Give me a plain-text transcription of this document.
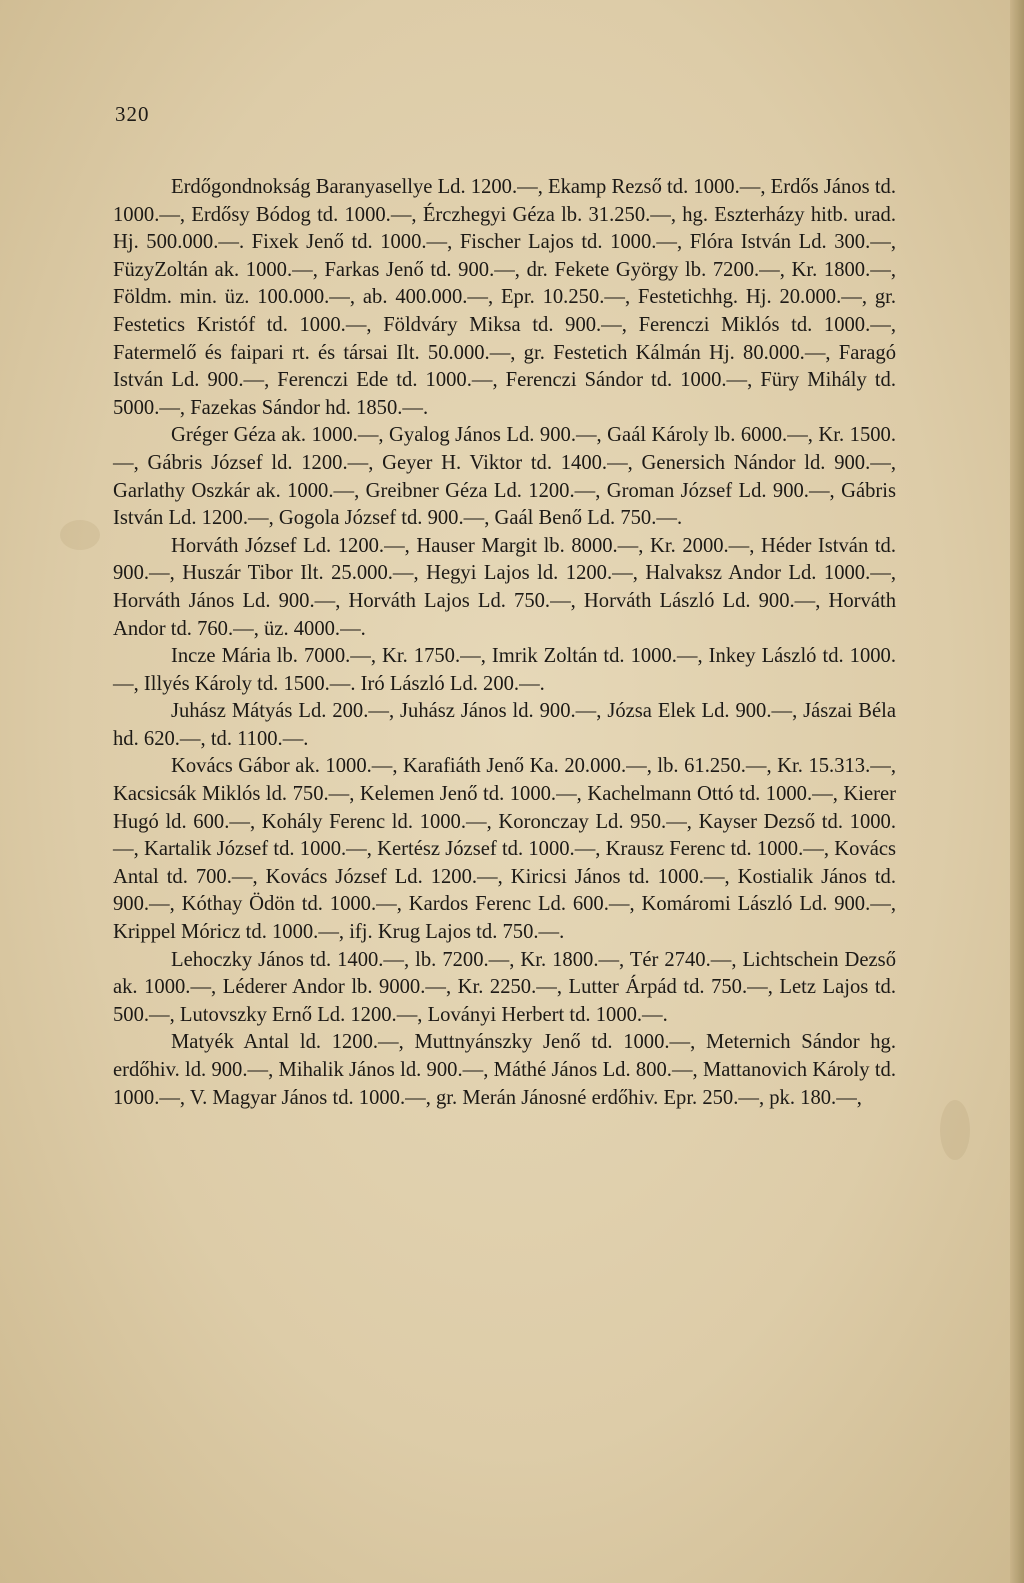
320

Erdőgondnokság Baranyasellye Ld. 1200.—, Ekamp Rezső td. 1000.—, Erdős János td. 1000.—, Erdősy Bódog td. 1000.—, Érczhegyi Géza lb. 31.250.—, hg. Eszterházy hitb. urad. Hj. 500.000.—. Fixek Jenő td. 1000.—, Fischer Lajos td. 1000.—, Flóra István Ld. 300.—, FüzyZoltán ak. 1000.—, Farkas Jenő td. 900.—, dr. Fekete György lb. 7200.—, Kr. 1800.—, Földm. min. üz. 100.000.—, ab. 400.000.—, Epr. 10.250.—, Festetichhg. Hj. 20.000.—, gr. Festetics Kristóf td. 1000.—, Földváry Miksa td. 900.—, Ferenczi Miklós td. 1000.—, Fatermelő és faipari rt. és társai Ilt. 50.000.—, gr. Festetich Kálmán Hj. 80.000.—, Faragó István Ld. 900.—, Ferenczi Ede td. 1000.—, Ferenczi Sándor td. 1000.—, Füry Mihály td. 5000.—, Fazekas Sándor hd. 1850.—.

Gréger Géza ak. 1000.—, Gyalog János Ld. 900.—, Gaál Károly lb. 6000.—, Kr. 1500.—, Gábris József ld. 1200.—, Geyer H. Viktor td. 1400.—, Genersich Nándor ld. 900.—, Garlathy Oszkár ak. 1000.—, Greibner Géza Ld. 1200.—, Groman József Ld. 900.—, Gábris István Ld. 1200.—, Gogola József td. 900.—, Gaál Benő Ld. 750.—.

Horváth József Ld. 1200.—, Hauser Margit lb. 8000.—, Kr. 2000.—, Héder István td. 900.—, Huszár Tibor Ilt. 25.000.—, Hegyi Lajos ld. 1200.—, Halvaksz Andor Ld. 1000.—, Horváth János Ld. 900.—, Horváth Lajos Ld. 750.—, Horváth László Ld. 900.—, Horváth Andor td. 760.—, üz. 4000.—.

Incze Mária lb. 7000.—, Kr. 1750.—, Imrik Zoltán td. 1000.—, Inkey László td. 1000.—, Illyés Károly td. 1500.—. Iró László Ld. 200.—.

Juhász Mátyás Ld. 200.—, Juhász János ld. 900.—, Józsa Elek Ld. 900.—, Jászai Béla hd. 620.—, td. 1100.—.

Kovács Gábor ak. 1000.—, Karafiáth Jenő Ka. 20.000.—, lb. 61.250.—, Kr. 15.313.—, Kacsicsák Miklós ld. 750.—, Kelemen Jenő td. 1000.—, Kachelmann Ottó td. 1000.—, Kierer Hugó ld. 600.—, Kohály Ferenc ld. 1000.—, Koronczay Ld. 950.—, Kayser Dezső td. 1000.—, Kartalik József td. 1000.—, Kertész József td. 1000.—, Krausz Ferenc td. 1000.—, Kovács Antal td. 700.—, Kovács József Ld. 1200.—, Kiricsi János td. 1000.—, Kostialik János td. 900.—, Kóthay Ödön td. 1000.—, Kardos Ferenc Ld. 600.—, Komáromi László Ld. 900.—, Krippel Móricz td. 1000.—, ifj. Krug Lajos td. 750.—.

Lehoczky János td. 1400.—, lb. 7200.—, Kr. 1800.—, Tér 2740.—, Lichtschein Dezső ak. 1000.—, Léderer Andor lb. 9000.—, Kr. 2250.—, Lutter Árpád td. 750.—, Letz Lajos td. 500.—, Lutovszky Ernő Ld. 1200.—, Loványi Herbert td. 1000.—.

Matyék Antal ld. 1200.—, Muttnyánszky Jenő td. 1000.—, Meternich Sándor hg. erdőhiv. ld. 900.—, Mihalik János ld. 900.—, Máthé János Ld. 800.—, Mattanovich Károly td. 1000.—, V. Magyar János td. 1000.—, gr. Merán Jánosné erdőhiv. Epr. 250.—, pk. 180.—,
